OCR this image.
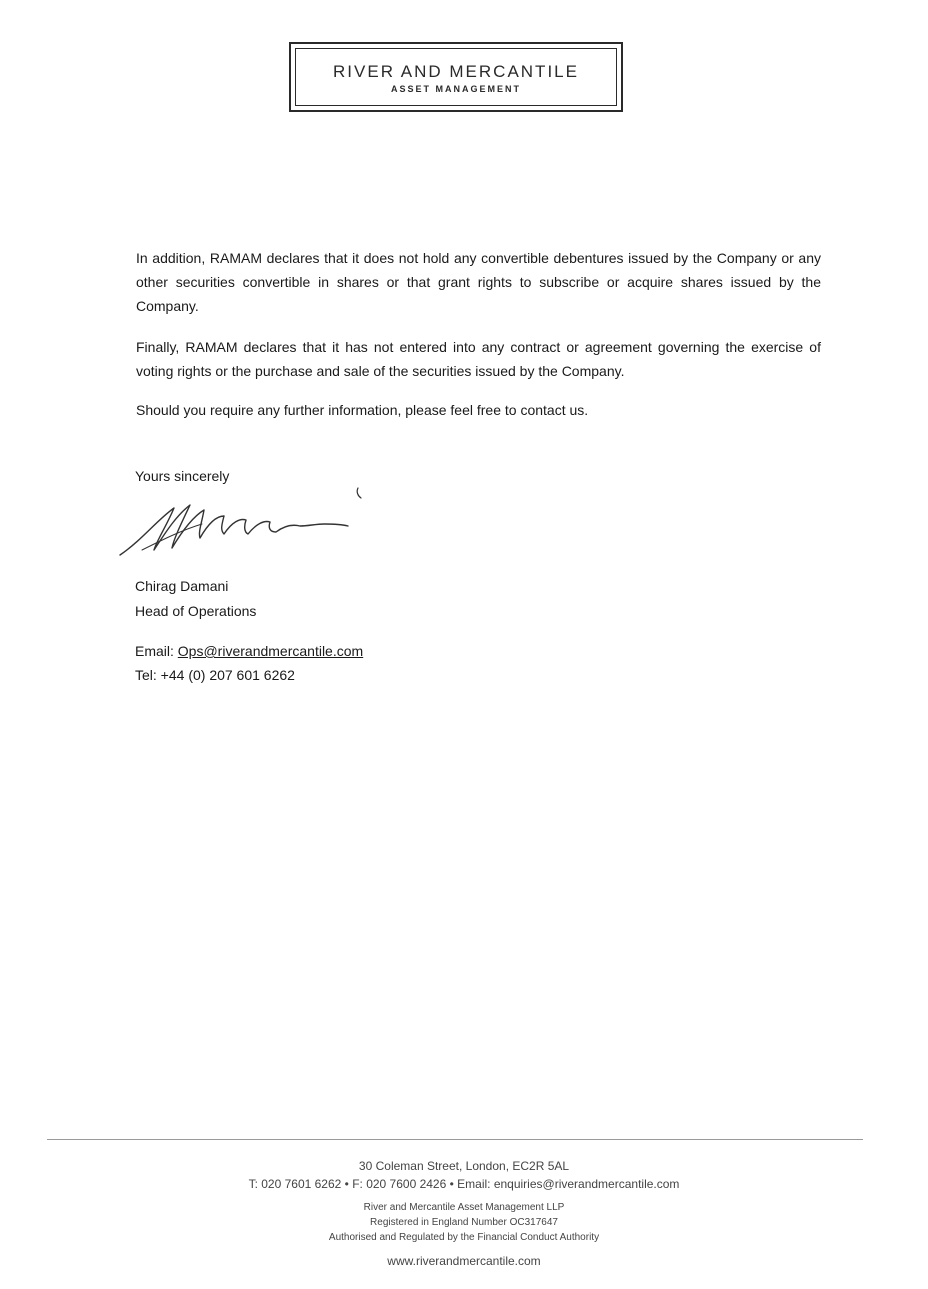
RIVER AND MERCANTILE
ASSET MANAGEMENT
In addition, RAMAM declares that it does not hold any convertible debentures issued by the Company or any other securities convertible in shares or that grant rights to subscribe or acquire shares issued by the Company.
Finally, RAMAM declares that it has not entered into any contract or agreement governing the exercise of voting rights or the purchase and sale of the securities issued by the Company.
Should you require any further information, please feel free to contact us.
Yours sincerely
Chirag Damani
Head of Operations
Email: Ops@riverandmercantile.com
Tel: +44 (0) 207 601 6262
30 Coleman Street, London, EC2R 5AL
T: 020 7601 6262 • F: 020 7600 2426 • Email: enquiries@riverandmercantile.com
River and Mercantile Asset Management LLP
Registered in England Number OC317647
Authorised and Regulated by the Financial Conduct Authority
www.riverandmercantile.com
